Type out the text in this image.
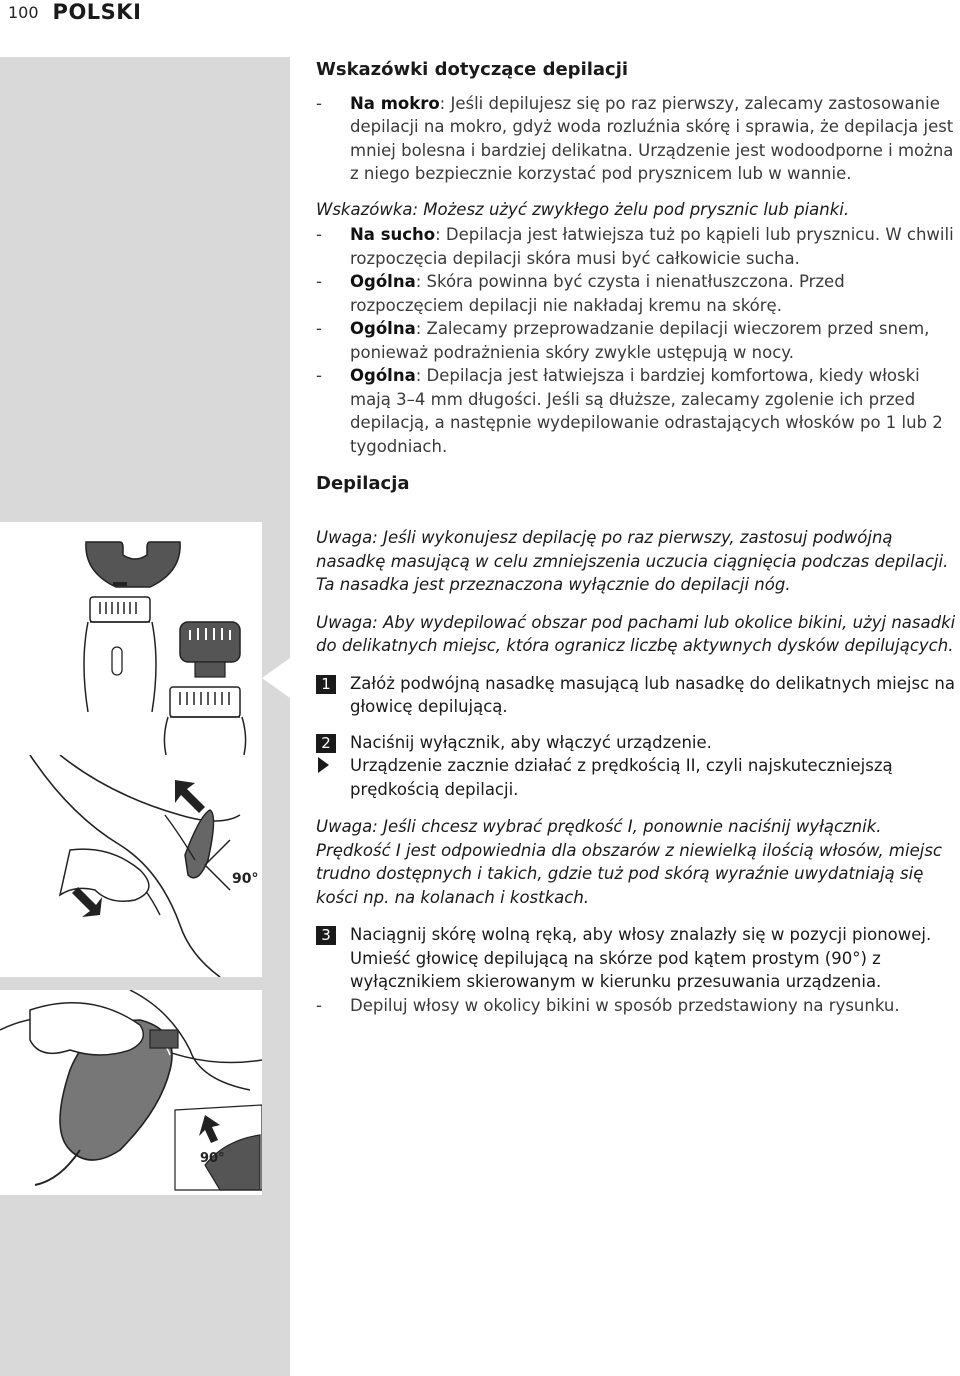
100 POLSKI
90°
90°
Wskazówki dotyczące depilacji
- Na mokro: Jeśli depilujesz się po raz pierwszy, zalecamy zastosowanie depilacji na mokro, gdyż woda rozluźnia skórę i sprawia, że depilacja jest mniej bolesna i bardziej delikatna. Urządzenie jest wodoodporne i można z niego bezpiecznie korzystać pod prysznicem lub w wannie.
Wskazówka: Możesz użyć zwykłego żelu pod prysznic lub pianki.
- Na sucho: Depilacja jest łatwiejsza tuż po kąpieli lub prysznicu. W chwili rozpoczęcia depilacji skóra musi być całkowicie sucha.
- Ogólna: Skóra powinna być czysta i nienatłuszczona. Przed rozpoczęciem depilacji nie nakładaj kremu na skórę.
- Ogólna: Zalecamy przeprowadzanie depilacji wieczorem przed snem, ponieważ podrażnienia skóry zwykle ustępują w nocy.
- Ogólna: Depilacja jest łatwiejsza i bardziej komfortowa, kiedy włoski mają 3–4 mm długości. Jeśli są dłuższe, zalecamy zgolenie ich przed depilacją, a następnie wydepilowanie odrastających włosków po 1 lub 2 tygodniach.
Depilacja
Uwaga: Jeśli wykonujesz depilację po raz pierwszy, zastosuj podwójną nasadkę masującą w celu zmniejszenia uczucia ciągnięcia podczas depilacji. Ta nasadka jest przeznaczona wyłącznie do depilacji nóg.
Uwaga: Aby wydepilować obszar pod pachami lub okolice bikini, użyj nasadki do delikatnych miejsc, która ogranicz liczbę aktywnych dysków depilujących.
1	Załóż podwójną nasadkę masującą lub nasadkę do delikatnych miejsc na głowicę depilującą.
2	Naciśnij wyłącznik, aby włączyć urządzenie.
Urządzenie zacznie działać z prędkością II, czyli najskuteczniejszą prędkością depilacji.
Uwaga: Jeśli chcesz wybrać prędkość I, ponownie naciśnij wyłącznik. Prędkość I jest odpowiednia dla obszarów z niewielką ilością włosów, miejsc trudno dostępnych i takich, gdzie tuż pod skórą wyraźnie uwydatniają się kości np. na kolanach i kostkach.
3	Naciągnij skórę wolną ręką, aby włosy znalazły się w pozycji pionowej. Umieść głowicę depilującą na skórze pod kątem prostym (90°) z wyłącznikiem skierowanym w kierunku przesuwania urządzenia.
- Depiluj włosy w okolicy bikini w sposób przedstawiony na rysunku.
